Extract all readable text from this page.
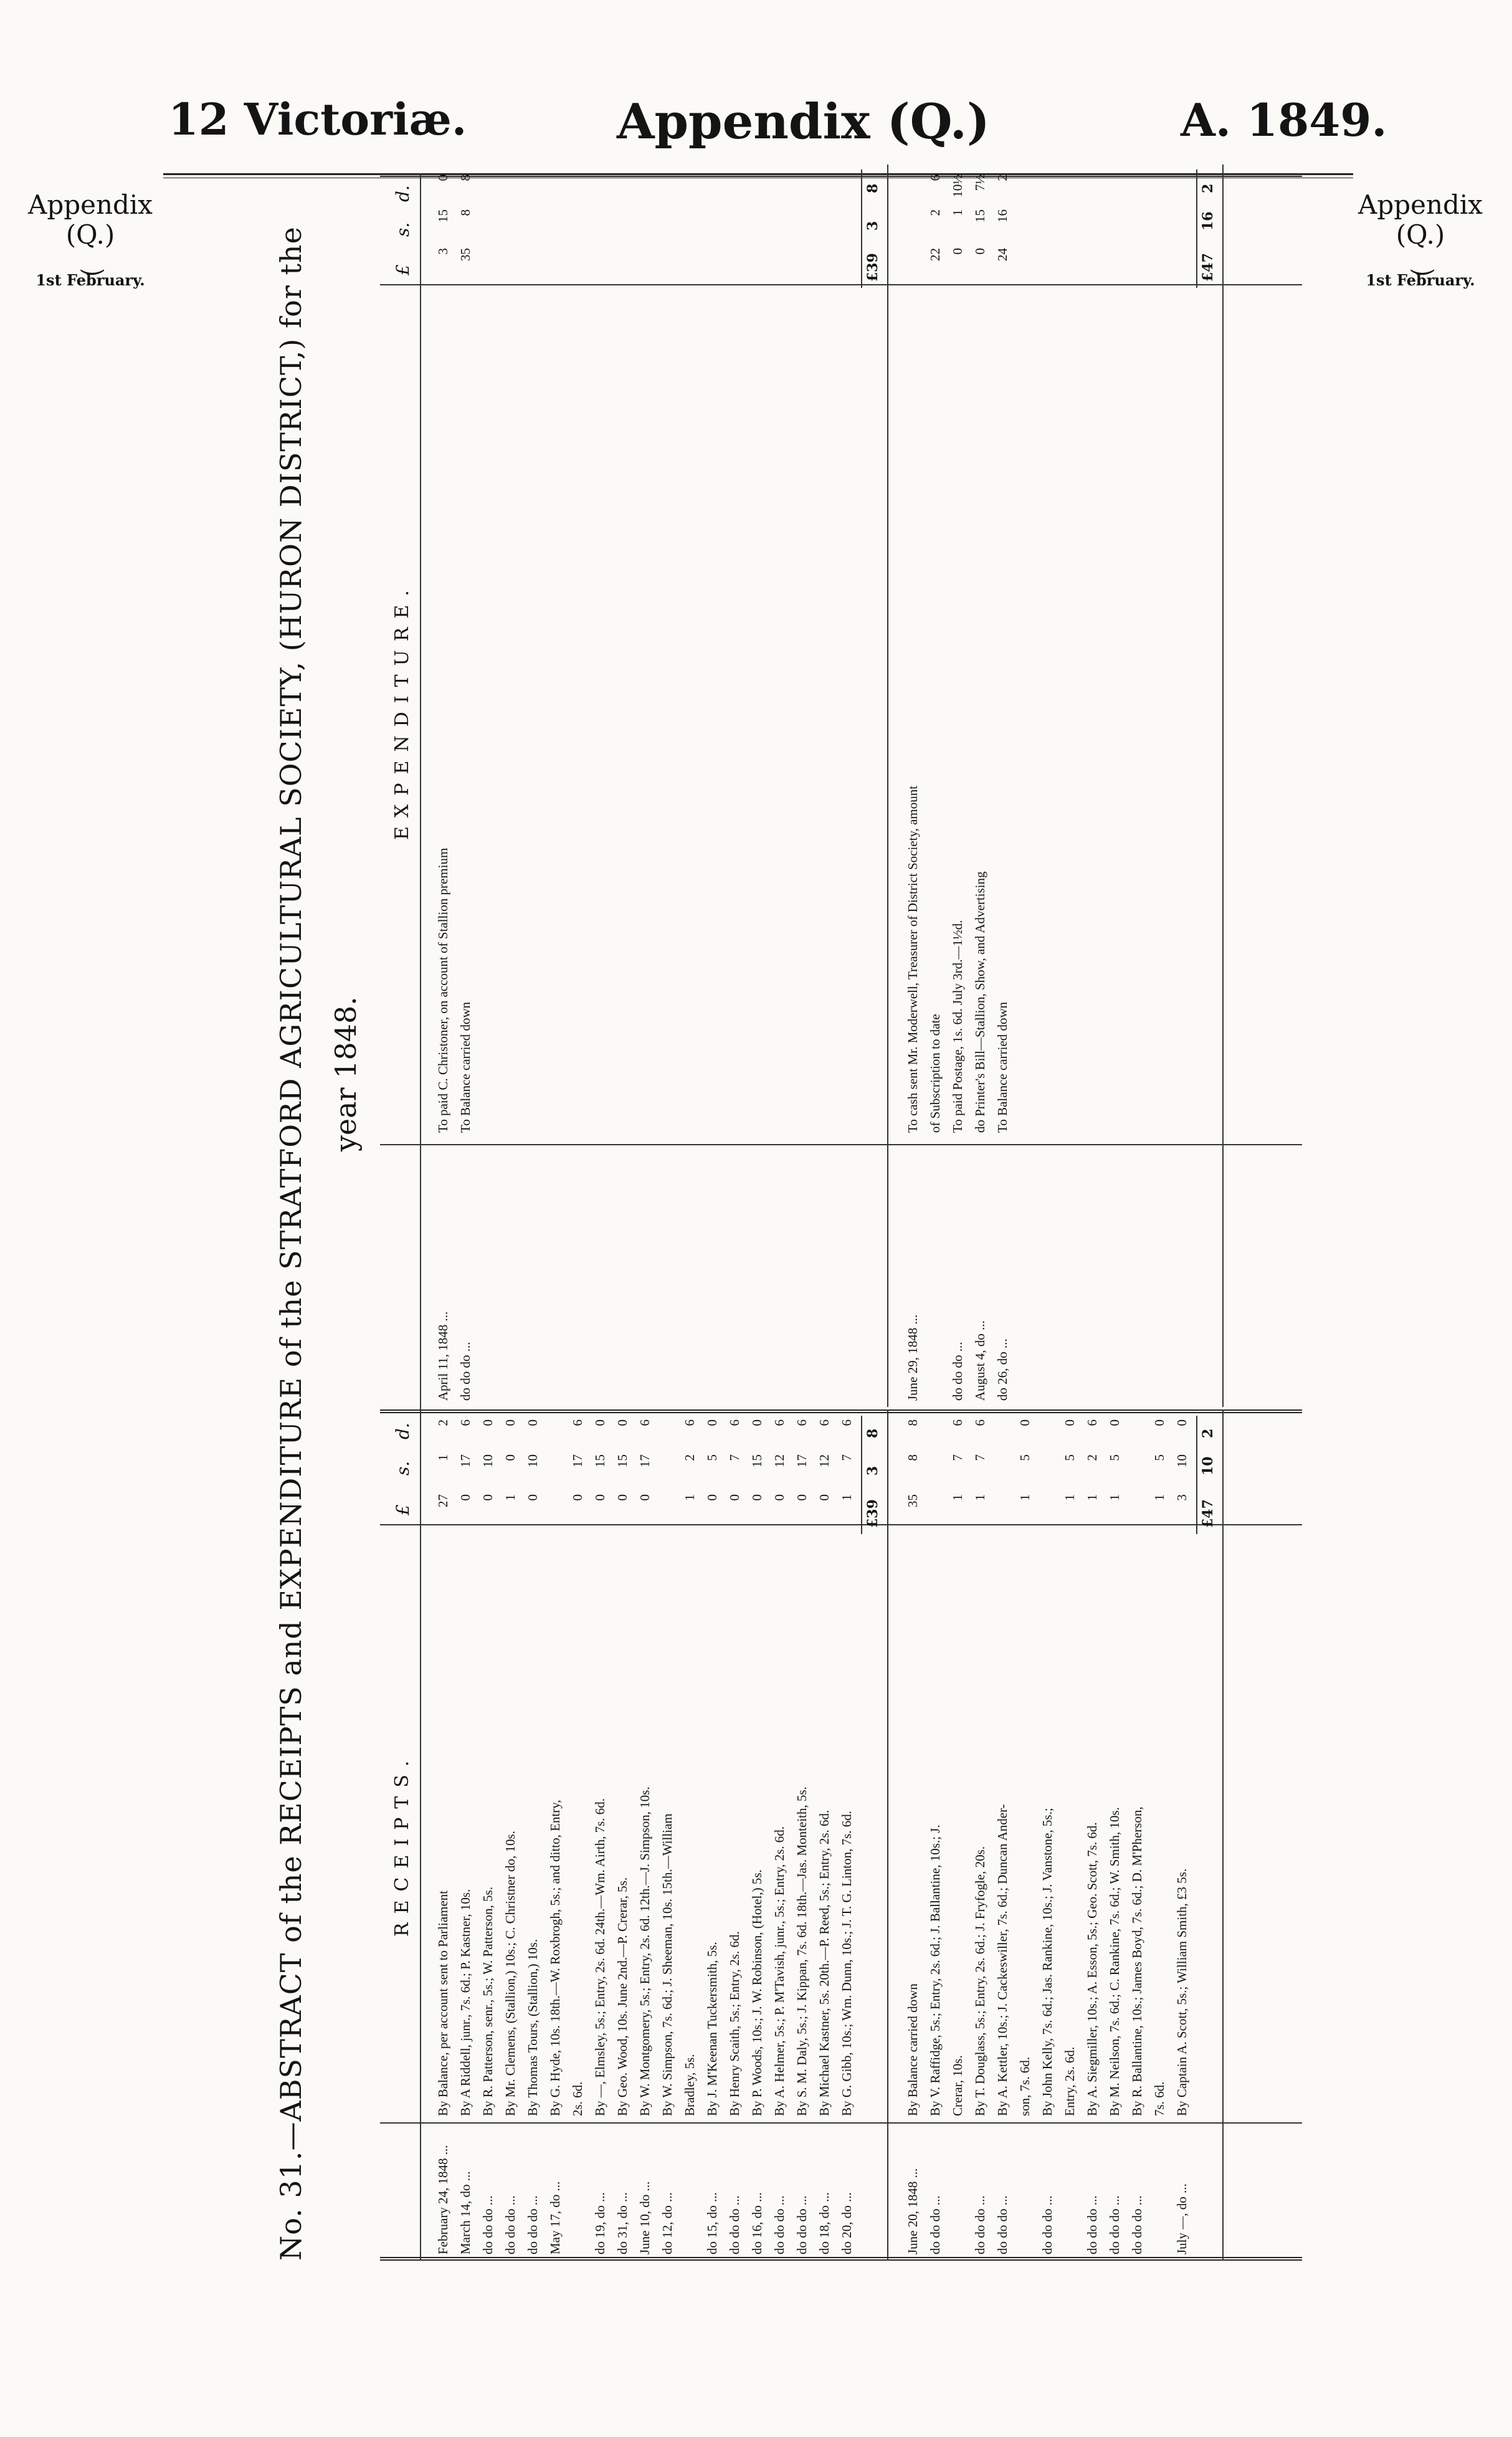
12 Victoriæ.	Appendix (Q.)	A. 1849.
Appendix
(Q.)
⏝
1st February.
Appendix
(Q.)
⏝
1st February.
No. 31.—ABSTRACT of the RECEIPTS and EXPENDITURE of the STRATFORD AGRICULTURAL SOCIETY, (HURON DISTRICT,) for the year 1848.
RECEIPTS.
EXPENDITURE.
£
s.
d.
£
s.
d.
February 24, 1848 ...
By Balance, per account sent to Parliament
27
1
2
March 14, do ...
By A Riddell, junr., 7s. 6d.; P. Kastner, 10s.
0
17
6
do do do ...
By R. Patterson, senr., 5s.; W. Patterson, 5s.
0
10
0
do do do ...
By Mr. Clemens, (Stallion,) 10s.; C. Christner do, 10s.
1
0
0
do do do ...
By Thomas Tours, (Stallion,) 10s.
0
10
0
May 17, do ...
By G. Hyde, 10s. 18th.—W. Roxbrogh, 5s.; and ditto, Entry, 2s. 6d.
0
17
6
do 19, do ...
By —, Elmsley, 5s.; Entry, 2s. 6d. 24th.—Wm. Airth, 7s. 6d.
0
15
0
do 31, do ...
By Geo. Wood, 10s. June 2nd.—P. Crerar, 5s.
0
15
0
June 10, do ...
By W. Montgomery, 5s.; Entry, 2s. 6d. 12th.—J. Simpson, 10s.
0
17
6
do 12, do ...
By W. Simpson, 7s. 6d.; J. Sheeman, 10s. 15th.—William Bradley, 5s.
1
2
6
do 15, do ...
By J. M'Keenan Tuckersmith, 5s.
0
5
0
do do do ...
By Henry Scaith, 5s.; Entry, 2s. 6d.
0
7
6
do 16, do ...
By P. Woods, 10s.; J. W. Robinson, (Hotel,) 5s.
0
15
0
do do do ...
By A. Helmer, 5s.; P. M'Tavish, junr., 5s.; Entry, 2s. 6d.
0
12
6
do do do ...
By S. M. Daly, 5s.; J. Kippan, 7s. 6d. 18th.—Jas. Monteith, 5s.
0
17
6
do 18, do ...
By Michael Kastner, 5s. 20th.—P. Reed, 5s.; Entry, 2s. 6d.
0
12
6
do 20, do ...
By G. Gibb, 10s.; Wm. Dunn, 10s.; J. T. G. Linton, 7s. 6d.
1
7
6
£39
3
8
June 20, 1848 ...
By Balance carried down
35
8
8
do do do ...
By V. Raffidge, 5s.; Entry, 2s. 6d.; J. Ballantine, 10s.; J. Crerar, 10s.
1
7
6
do do do ...
By T. Douglass, 5s.; Entry, 2s. 6d.; J. Fryfogle, 20s.
1
7
6
do do do ...
By A. Kettler, 10s.; J. Cackeswiller, 7s. 6d.; Duncan Ander- son, 7s. 6d.
1
5
0
do do do ...
By John Kelly, 7s. 6d.; Jas. Rankine, 10s.; J. Vanstone, 5s.; Entry, 2s. 6d.
1
5
0
do do do ...
By A. Siegmiller, 10s.; A. Esson, 5s.; Geo. Scott, 7s. 6d.
1
2
6
do do do ...
By M. Neilson, 7s. 6d.; C. Rankine, 7s. 6d.; W. Smith, 10s.
1
5
0
do do do ...
By R. Ballantine, 10s.; James Boyd, 7s. 6d.; D. M'Pherson, 7s. 6d.
1
5
0
July —, do ...
By Captain A. Scott, 5s.; William Smith, £3 5s.
3
10
0
£47
10
2
April 11, 1848 ...
To paid C. Christoner, on account of Stallion premium
3
15
0
do do do ...
To Balance carried down
35
8
8
£39
3
8
June 29, 1848 ...
To cash sent Mr. Moderwell, Treasurer of District Society, amount of Subscription to date
22
2
6
do do do ...
To paid Postage, 1s. 6d. July 3rd.—1½d.
0
1
10½
August 4, do ...
do Printer's Bill—Stallion, Show, and Advertising
0
15
7½
do 26, do ...
To Balance carried down
24
16
2
£47
16
2
